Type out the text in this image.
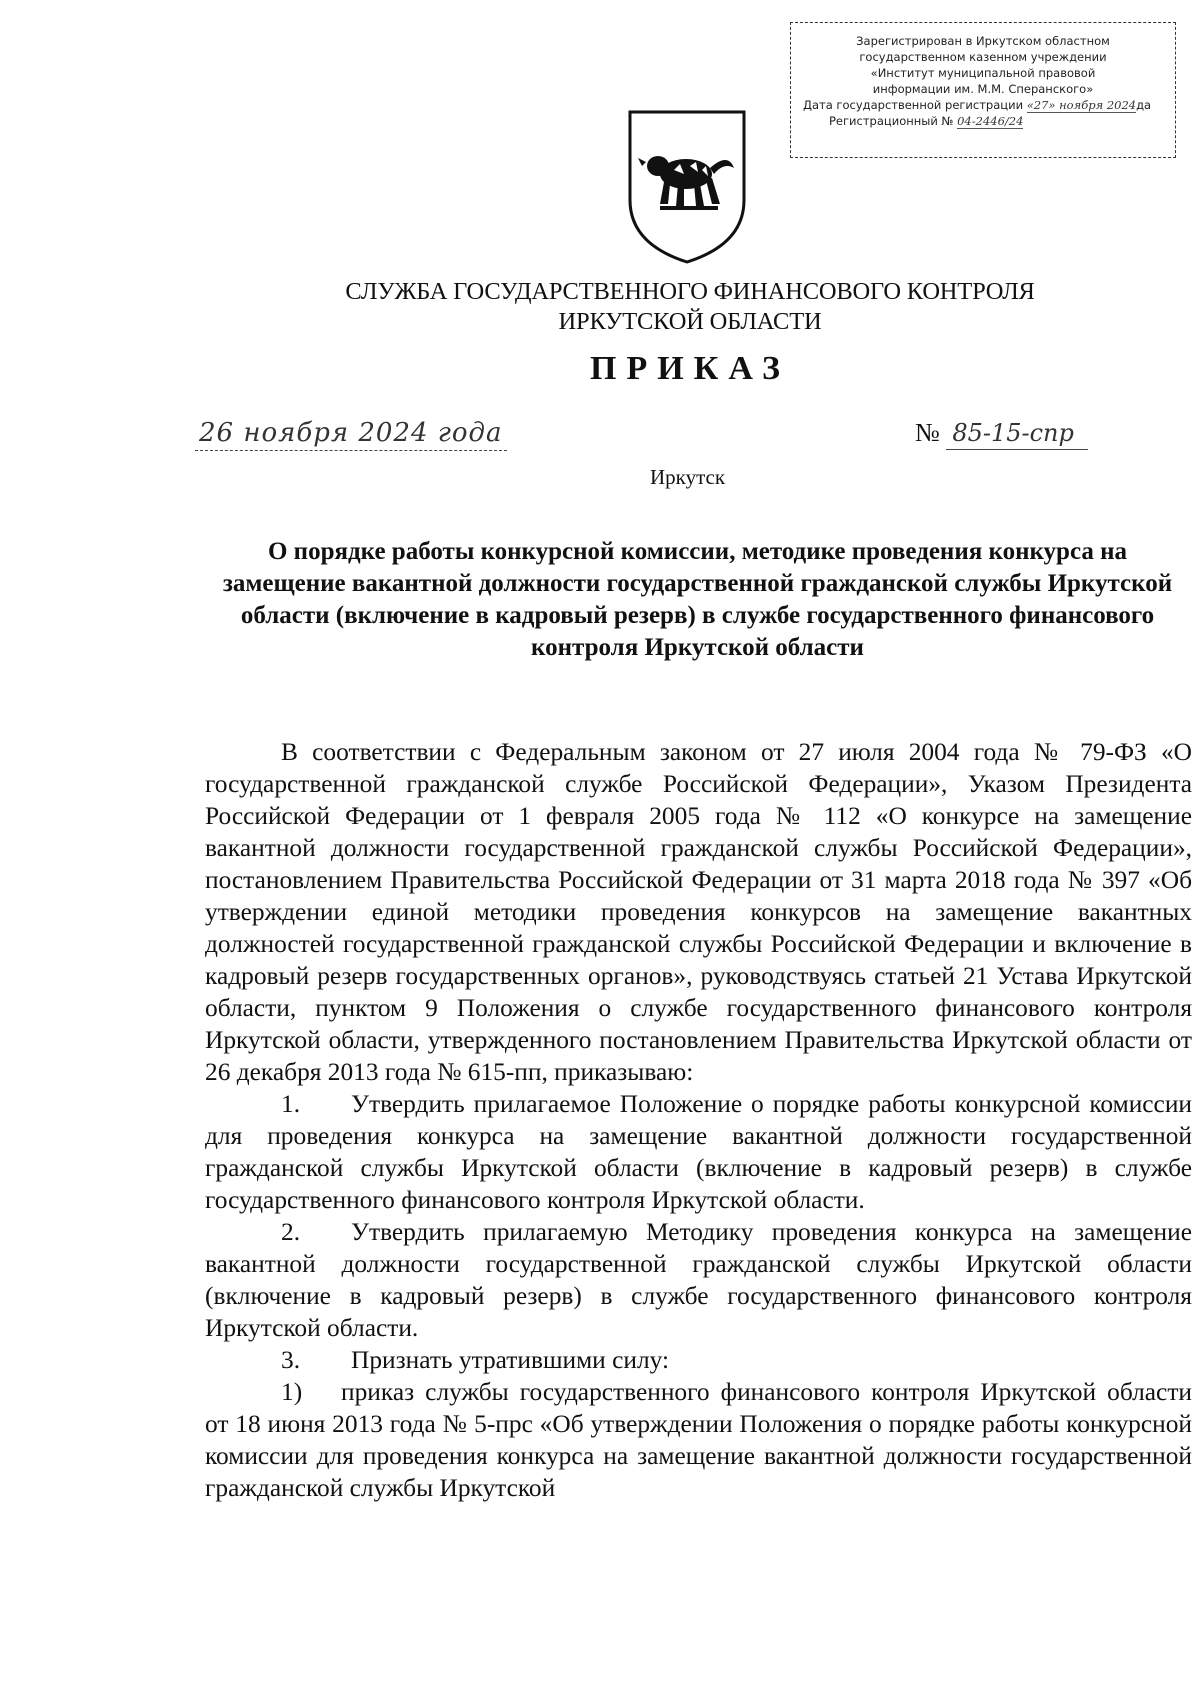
Зарегистрирован в Иркутском областном
государственном казенном учреждении
«Институт муниципальной правовой
информации им. М.М. Сперанского»
Дата государственной регистрации «27» ноября 2024да
Регистрационный № 04-2446/24
СЛУЖБА ГОСУДАРСТВЕННОГО ФИНАНСОВОГО КОНТРОЛЯ
ИРКУТСКОЙ ОБЛАСТИ
ПРИКАЗ
26 ноября 2024 года	№ 85-15-спр
Иркутск
О порядке работы конкурсной комиссии, методике проведения конкурса на замещение вакантной должности государственной гражданской службы Иркутской области (включение в кадровый резерв) в службе государственного финансового контроля Иркутской области

В соответствии с Федеральным законом от 27 июля 2004 года № 79-ФЗ «О государственной гражданской службе Российской Федерации», Указом Президента Российской Федерации от 1 февраля 2005 года № 112 «О конкурсе на замещение вакантной должности государственной гражданской службы Российской Федерации», постановлением Правительства Российской Федерации от 31 марта 2018 года № 397 «Об утверждении единой методики проведения конкурсов на замещение вакантных должностей государственной гражданской службы Российской Федерации и включение в кадровый резерв государственных органов», руководствуясь статьей 21 Устава Иркутской области, пунктом 9 Положения о службе государственного финансового контроля Иркутской области, утвержденного постановлением Правительства Иркутской области от 26 декабря 2013 года № 615-пп, приказываю:

1. Утвердить прилагаемое Положение о порядке работы конкурсной комиссии для проведения конкурса на замещение вакантной должности государственной гражданской службы Иркутской области (включение в кадровый резерв) в службе государственного финансового контроля Иркутской области.
2. Утвердить прилагаемую Методику проведения конкурса на замещение вакантной должности государственной гражданской службы Иркутской области (включение в кадровый резерв) в службе государственного финансового контроля Иркутской области.
3. Признать утратившими силу:
1) приказ службы государственного финансового контроля Иркутской области от 18 июня 2013 года № 5-прс «Об утверждении Положения о порядке работы конкурсной комиссии для проведения конкурса на замещение вакантной должности государственной гражданской службы Иркутской
